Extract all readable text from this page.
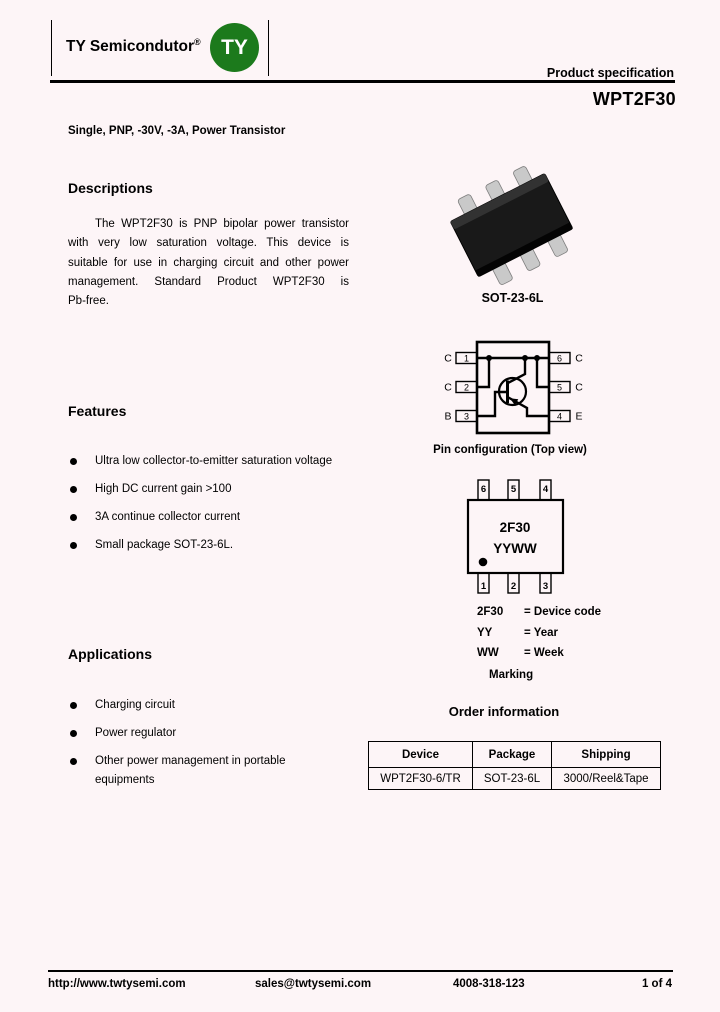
TY Semicondutor® TY
Product specification
WPT2F30
Single, PNP, -30V, -3A, Power Transistor
Descriptions
The WPT2F30 is PNP bipolar power transistor
with very low saturation voltage. This device is
suitable for use in charging circuit and other power
management. Standard Product WPT2F30 is
Pb-free.	SOT-23-6L
1
2
3
6
5
4
C
C
B
C
C
E
Pin configuration (Top view)
Features
Ultra low collector-to-emitter saturation voltage
High DC current gain >100
3A continue collector current
Small package SOT-23-6L.
6	5	4
1	2	3
2F30
YYWW
2F30 = Device code
YY	= Year
WW = Week
Marking
Applications
Charging circuit
Power regulator
Other power management in portable equipments
Order information
Device	Package	Shipping
WPT2F30-6/TR	SOT-23-6L	3000/Reel&Tape
http://www.twtysemi.com	sales@twtysemi.com	4008-318-123	1 of 4
